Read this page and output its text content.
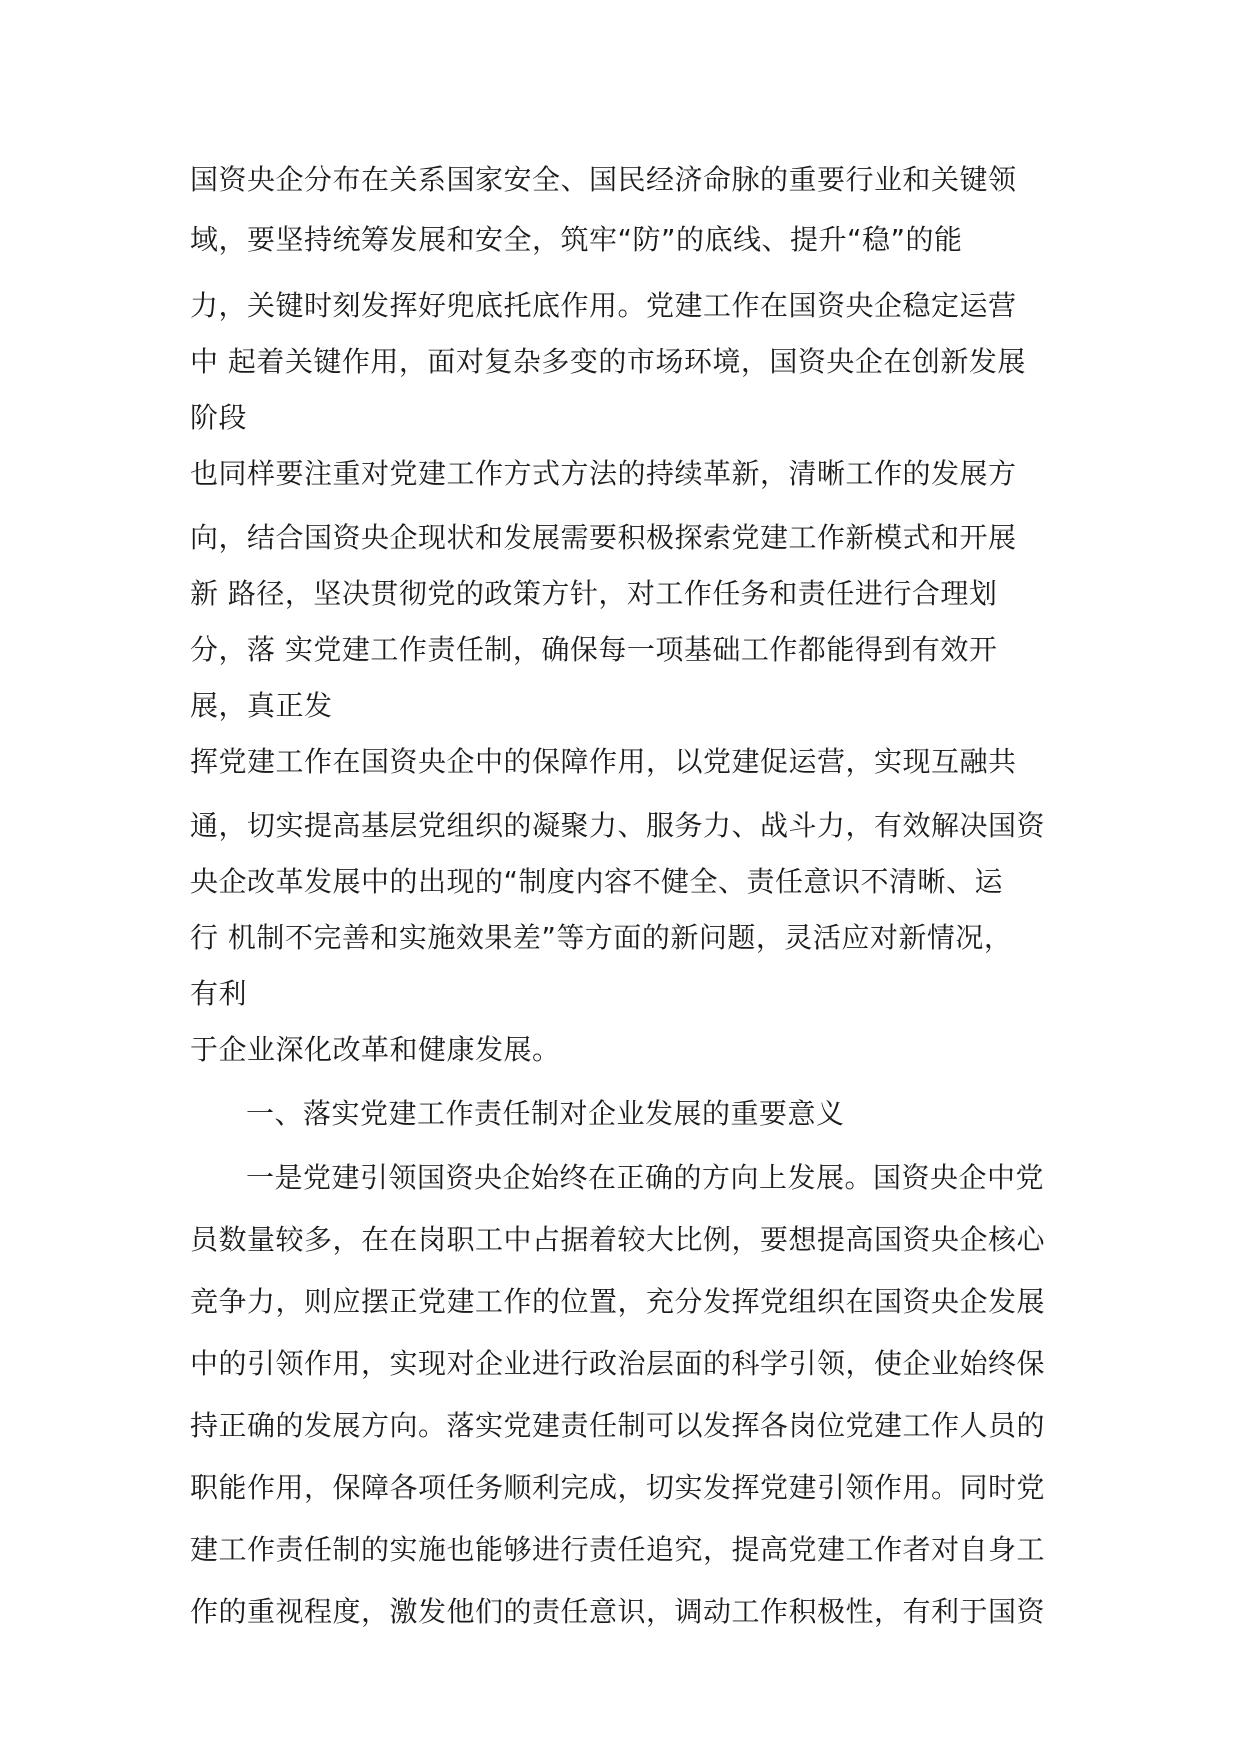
国资央企分布在关系国家安全、国民经济命脉的重要行业和关键领
域，要坚持统筹发展和安全，筑牢“防”的底线、提升“稳”的能
力，关键时刻发挥好兜底托底作用。党建工作在国资央企稳定运营
中 起着关键作用，面对复杂多变的市场环境，国资央企在创新发展
阶段
也同样要注重对党建工作方式方法的持续革新，清晰工作的发展方
向，结合国资央企现状和发展需要积极探索党建工作新模式和开展
新 路径，坚决贯彻党的政策方针，对工作任务和责任进行合理划
分，落 实党建工作责任制，确保每一项基础工作都能得到有效开
展，真正发
挥党建工作在国资央企中的保障作用，以党建促运营，实现互融共
通，切实提高基层党组织的凝聚力、服务力、战斗力，有效解决国资
央企改革发展中的出现的“制度内容不健全、责任意识不清晰、运
行 机制不完善和实施效果差”等方面的新问题，灵活应对新情况，
有利
于企业深化改革和健康发展。
一、落实党建工作责任制对企业发展的重要意义
一是党建引领国资央企始终在正确的方向上发展。国资央企中党
员数量较多，在在岗职工中占据着较大比例，要想提高国资央企核心
竞争力，则应摆正党建工作的位置，充分发挥党组织在国资央企发展
中的引领作用，实现对企业进行政治层面的科学引领，使企业始终保
持正确的发展方向。落实党建责任制可以发挥各岗位党建工作人员的
职能作用，保障各项任务顺利完成，切实发挥党建引领作用。同时党
建工作责任制的实施也能够进行责任追究，提高党建工作者对自身工
作的重视程度，激发他们的责任意识，调动工作积极性，有利于国资
